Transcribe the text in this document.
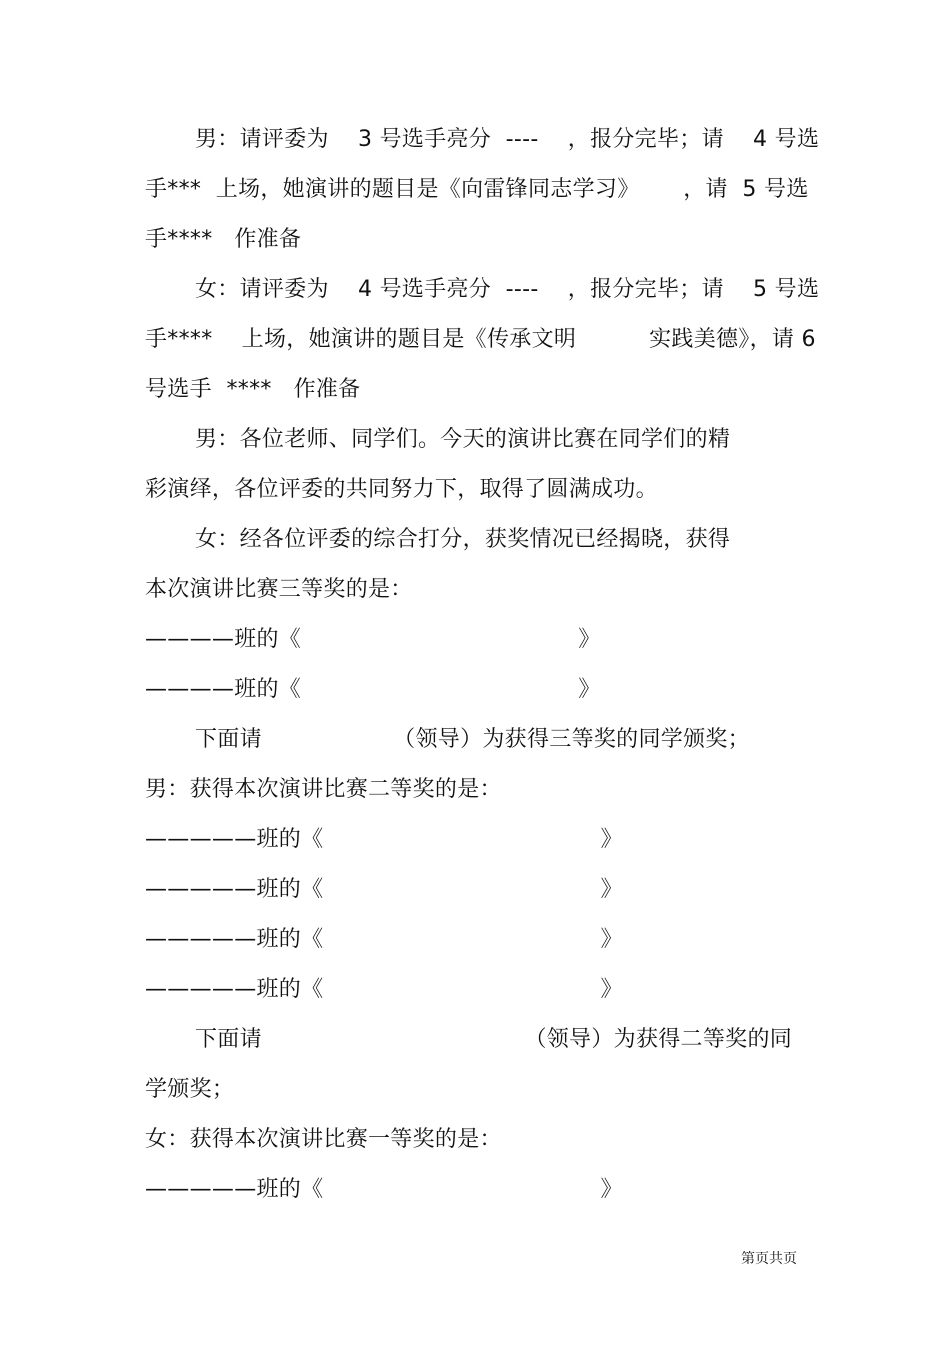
男：请评委为    3 号选手亮分  ----    ，报分完毕；请    4 号选
手***  上场，她演讲的题目是《向雷锋同志学习》      ，请  5 号选
手****   作准备
女：请评委为    4 号选手亮分  ----    ，报分完毕；请    5 号选
手****    上场，她演讲的题目是《传承文明          实践美德》，请 6
号选手  ****   作准备
男：各位老师、同学们。今天的演讲比赛在同学们的精
彩演绎，各位评委的共同努力下，取得了圆满成功。
女：经各位评委的综合打分，获奖情况已经揭晓，获得
本次演讲比赛三等奖的是：
————班的《                                      》
————班的《                                      》
下面请                  （领导）为获得三等奖的同学颁奖；
男：获得本次演讲比赛二等奖的是：
—————班的《                                      》
—————班的《                                      》
—————班的《                                      》
—————班的《                                      》
下面请                                    （领导）为获得二等奖的同
学颁奖；
女：获得本次演讲比赛一等奖的是：
—————班的《                                      》
第页共页
